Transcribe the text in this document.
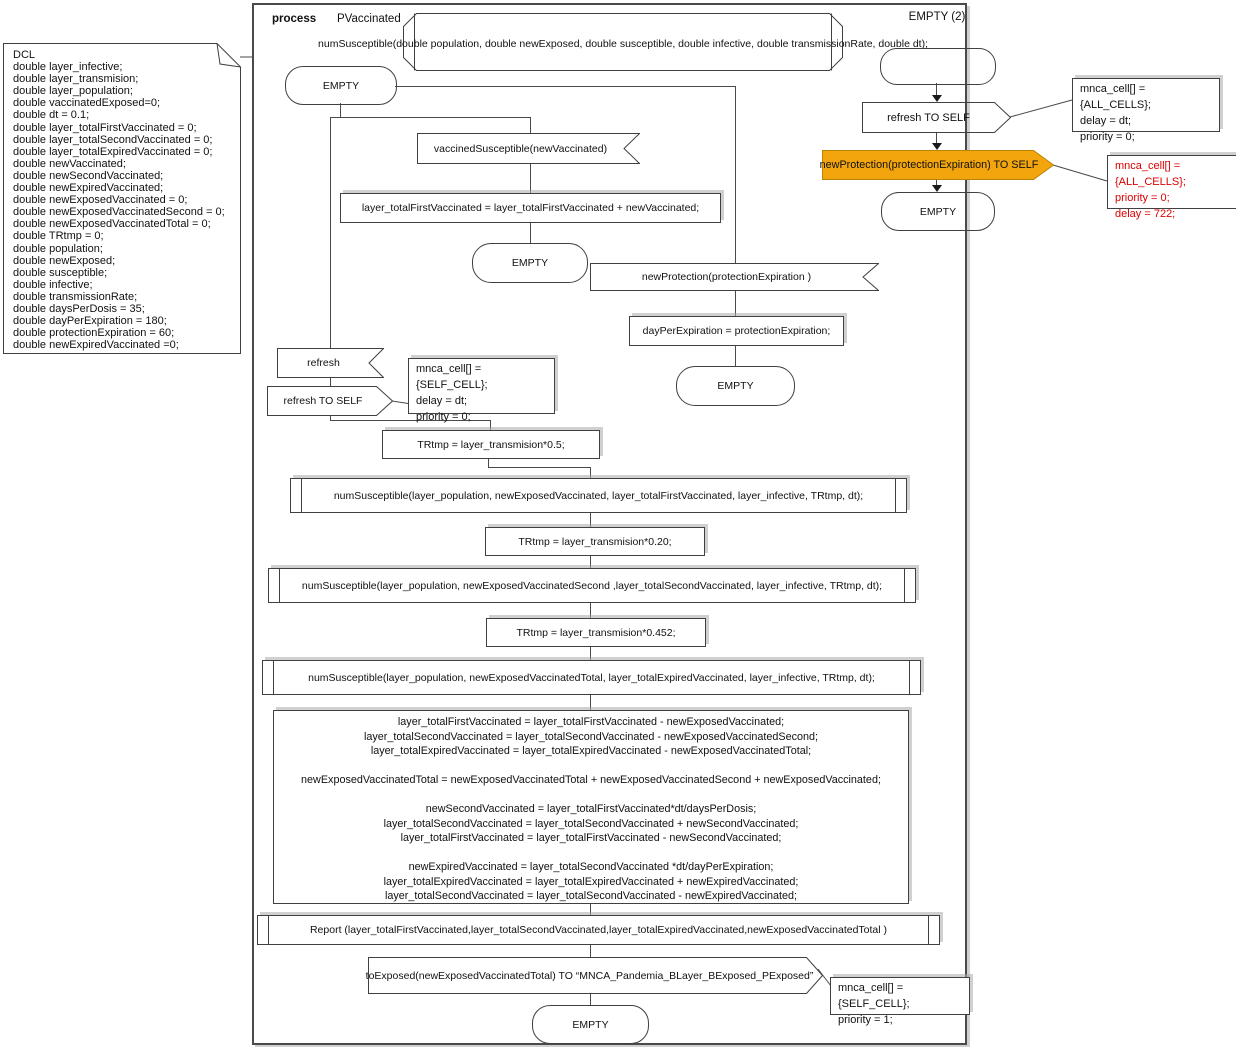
process PVaccinated	EMPTY (2)
DCL
double layer_infective;
double layer_transmision;
double layer_population;
double vaccinatedExposed=0;
double dt = 0.1;
double layer_totalFirstVaccinated = 0;
double layer_totalSecondVaccinated = 0;
double layer_totalExpiredVaccinated = 0;
double newVaccinated;
double newSecondVaccinated;
double newExpiredVaccinated;
double newExposedVaccinated = 0;
double newExposedVaccinatedSecond = 0;
double newExposedVaccinatedTotal = 0;
double TRtmp = 0;
double population;
double newExposed;
double susceptible;
double infective;
double transmissionRate;
double daysPerDosis = 35;
double dayPerExpiration = 180;
double protectionExpiration = 60;
double newExpiredVaccinated =0;
numSusceptible(double population, double newExposed, double susceptible, double infective, double transmissionRate, double dt);
EMPTY
vaccinedSusceptible(newVaccinated)
layer_totalFirstVaccinated = layer_totalFirstVaccinated + newVaccinated;
EMPTY
newProtection(protectionExpiration )
dayPerExpiration = protectionExpiration;
EMPTY
refresh
refresh TO SELF
mnca_cell[] = {SELF_CELL};
delay = dt;
priority = 0;
TRtmp = layer_transmision*0.5;
numSusceptible(layer_population, newExposedVaccinated, layer_totalFirstVaccinated, layer_infective, TRtmp, dt);
TRtmp = layer_transmision*0.20;
numSusceptible(layer_population, newExposedVaccinatedSecond ,layer_totalSecondVaccinated, layer_infective, TRtmp, dt);
TRtmp = layer_transmision*0.452;
numSusceptible(layer_population, newExposedVaccinatedTotal, layer_totalExpiredVaccinated, layer_infective, TRtmp, dt);
layer_totalFirstVaccinated = layer_totalFirstVaccinated - newExposedVaccinated;
layer_totalSecondVaccinated = layer_totalSecondVaccinated - newExposedVaccinatedSecond;
layer_totalExpiredVaccinated = layer_totalExpiredVaccinated - newExposedVaccinatedTotal;

newExposedVaccinatedTotal = newExposedVaccinatedTotal + newExposedVaccinatedSecond + newExposedVaccinated;

newSecondVaccinated = layer_totalFirstVaccinated*dt/daysPerDosis;
layer_totalSecondVaccinated = layer_totalSecondVaccinated + newSecondVaccinated;
layer_totalFirstVaccinated = layer_totalFirstVaccinated - newSecondVaccinated;

newExpiredVaccinated = layer_totalSecondVaccinated *dt/dayPerExpiration;
layer_totalExpiredVaccinated = layer_totalExpiredVaccinated + newExpiredVaccinated;
layer_totalSecondVaccinated = layer_totalSecondVaccinated - newExpiredVaccinated;
Report (layer_totalFirstVaccinated,layer_totalSecondVaccinated,layer_totalExpiredVaccinated,newExposedVaccinatedTotal )
toExposed(newExposedVaccinatedTotal) TO “MNCA_Pandemia_BLayer_BExposed_PExposed”
mnca_cell[] = {SELF_CELL};
priority = 1;
EMPTY
refresh TO SELF
mnca_cell[] = {ALL_CELLS};
delay = dt;
priority = 0;
newProtection(protectionExpiration) TO SELF	mnca_cell[] = {ALL_CELLS};
priority = 0;
delay = 722;
EMPTY
